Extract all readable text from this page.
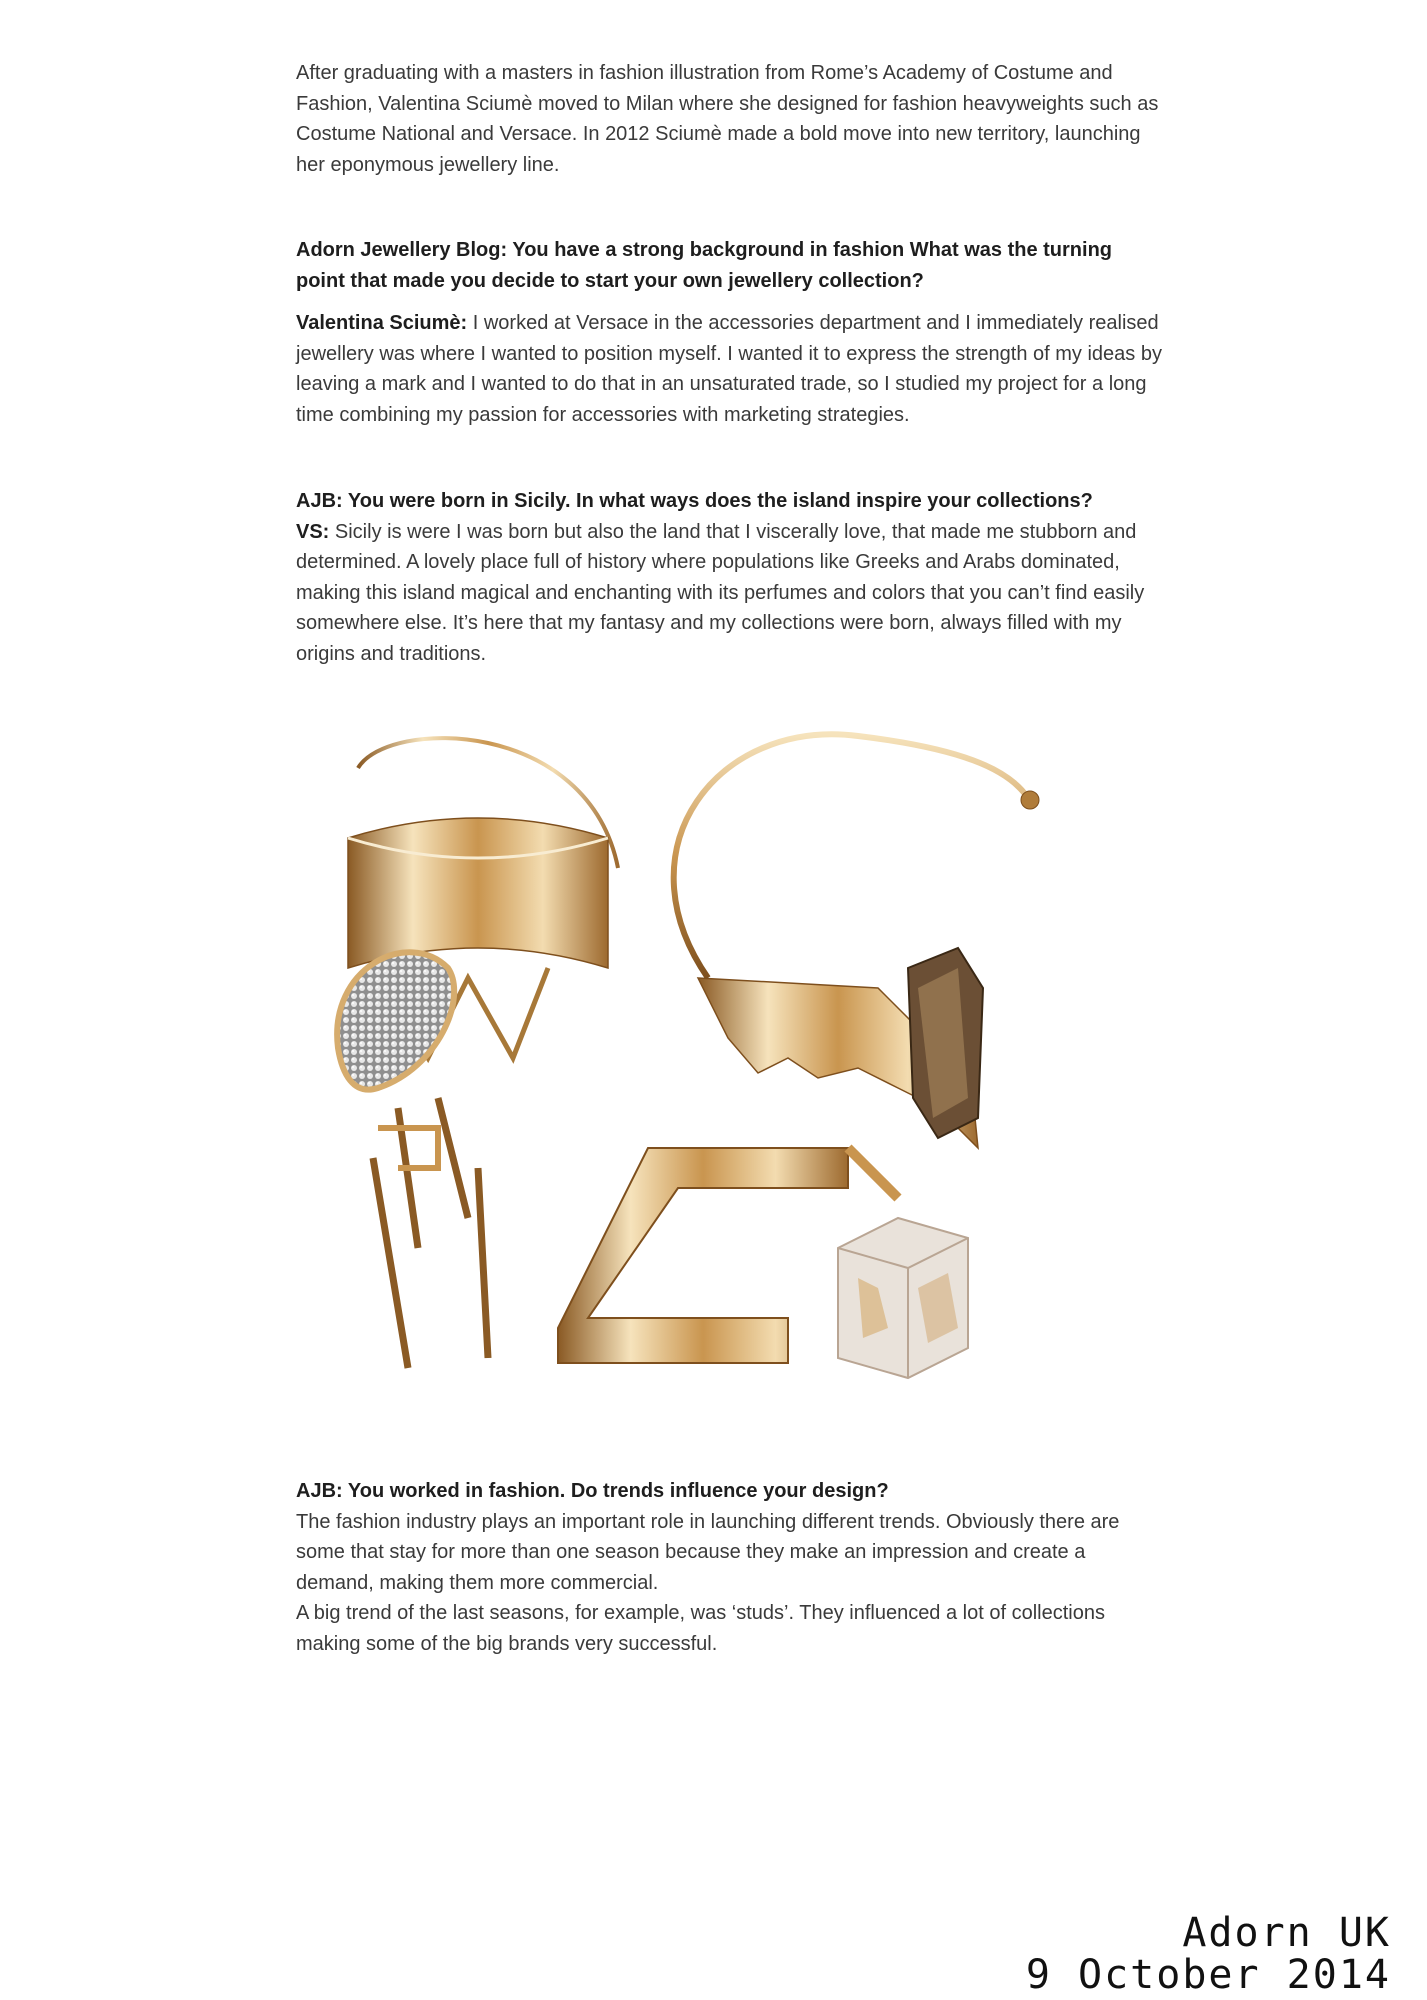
After graduating with a masters in fashion illustration from Rome’s Academy of Costume and Fashion, Valentina Sciumè moved to Milan where she designed for fashion heavyweights such as Costume National and Versace. In 2012 Sciumè made a bold move into new territory, launching her eponymous jewellery line.

Adorn Jewellery Blog: You have a strong background in fashion What was the turning point that made you decide to start your own jewellery collection?

Valentina Sciumè: I worked at Versace in the accessories department and I immediately realised jewellery was where I wanted to position myself. I wanted it to express the strength of my ideas by leaving a mark and I wanted to do that in an unsaturated trade, so I studied my project for a long time combining my passion for accessories with marketing strategies.

AJB: You were born in Sicily. In what ways does the island inspire your collections?

VS: Sicily is were I was born but also the land that I viscerally love, that made me stubborn and determined. A lovely place full of history where populations like Greeks and Arabs dominated, making this island magical and enchanting with its perfumes and colors that you can’t find easily somewhere else. It’s here that my fantasy and my collections were born, always filled with my origins and traditions.

AJB: You worked in fashion. Do trends influence your design?

The fashion industry plays an important role in launching different trends. Obviously there are some that stay for more than one season because they make an impression and create a demand, making them more commercial.

A big trend of the last seasons, for example, was ‘studs’. They influenced a lot of collections making some of the big brands very successful.

Adorn UK
9 October 2014
